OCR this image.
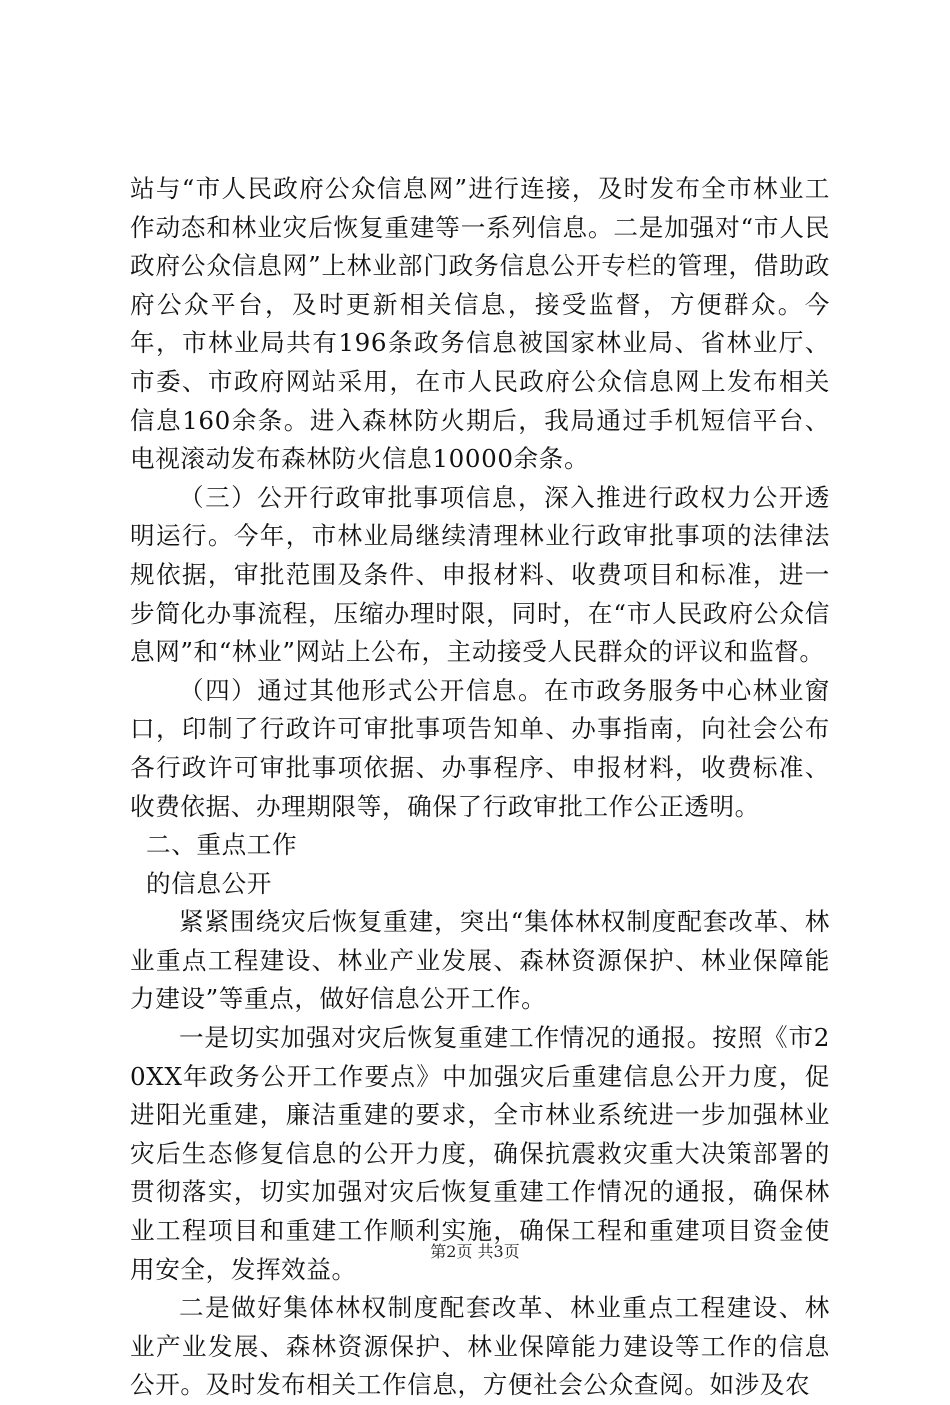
站与“市人民政府公众信息网”进行连接，及时发布全市林业工作动态和林业灾后恢复重建等一系列信息。二是加强对“市人民政府公众信息网”上林业部门政务信息公开专栏的管理，借助政府公众平台，及时更新相关信息，接受监督，方便群众。今年，市林业局共有196条政务信息被国家林业局、省林业厅、市委、市政府网站采用，在市人民政府公众信息网上发布相关信息160余条。进入森林防火期后，我局通过手机短信平台、电视滚动发布森林防火信息10000余条。

（三）公开行政审批事项信息，深入推进行政权力公开透明运行。今年，市林业局继续清理林业行政审批事项的法律法规依据，审批范围及条件、申报材料、收费项目和标准，进一步简化办事流程，压缩办理时限，同时，在“市人民政府公众信息网”和“林业”网站上公布，主动接受人民群众的评议和监督。

（四）通过其他形式公开信息。在市政务服务中心林业窗口，印制了行政许可审批事项告知单、办事指南，向社会公布各行政许可审批事项依据、办事程序、申报材料，收费标准、收费依据、办理期限等，确保了行政审批工作公正透明。

二、重点工作

的信息公开

紧紧围绕灾后恢复重建，突出“集体林权制度配套改革、林业重点工程建设、林业产业发展、森林资源保护、林业保障能力建设”等重点，做好信息公开工作。

一是切实加强对灾后恢复重建工作情况的通报。按照《市20XX年政务公开工作要点》中加强灾后重建信息公开力度，促进阳光重建，廉洁重建的要求，全市林业系统进一步加强林业灾后生态修复信息的公开力度，确保抗震救灾重大决策部署的贯彻落实，切实加强对灾后恢复重建工作情况的通报，确保林业工程项目和重建工作顺利实施，确保工程和重建项目资金使用安全，发挥效益。

二是做好集体林权制度配套改革、林业重点工程建设、林业产业发展、森林资源保护、林业保障能力建设等工作的信息公开。及时发布相关工作信息，方便社会公众查阅。如涉及农

第2页 共3页
